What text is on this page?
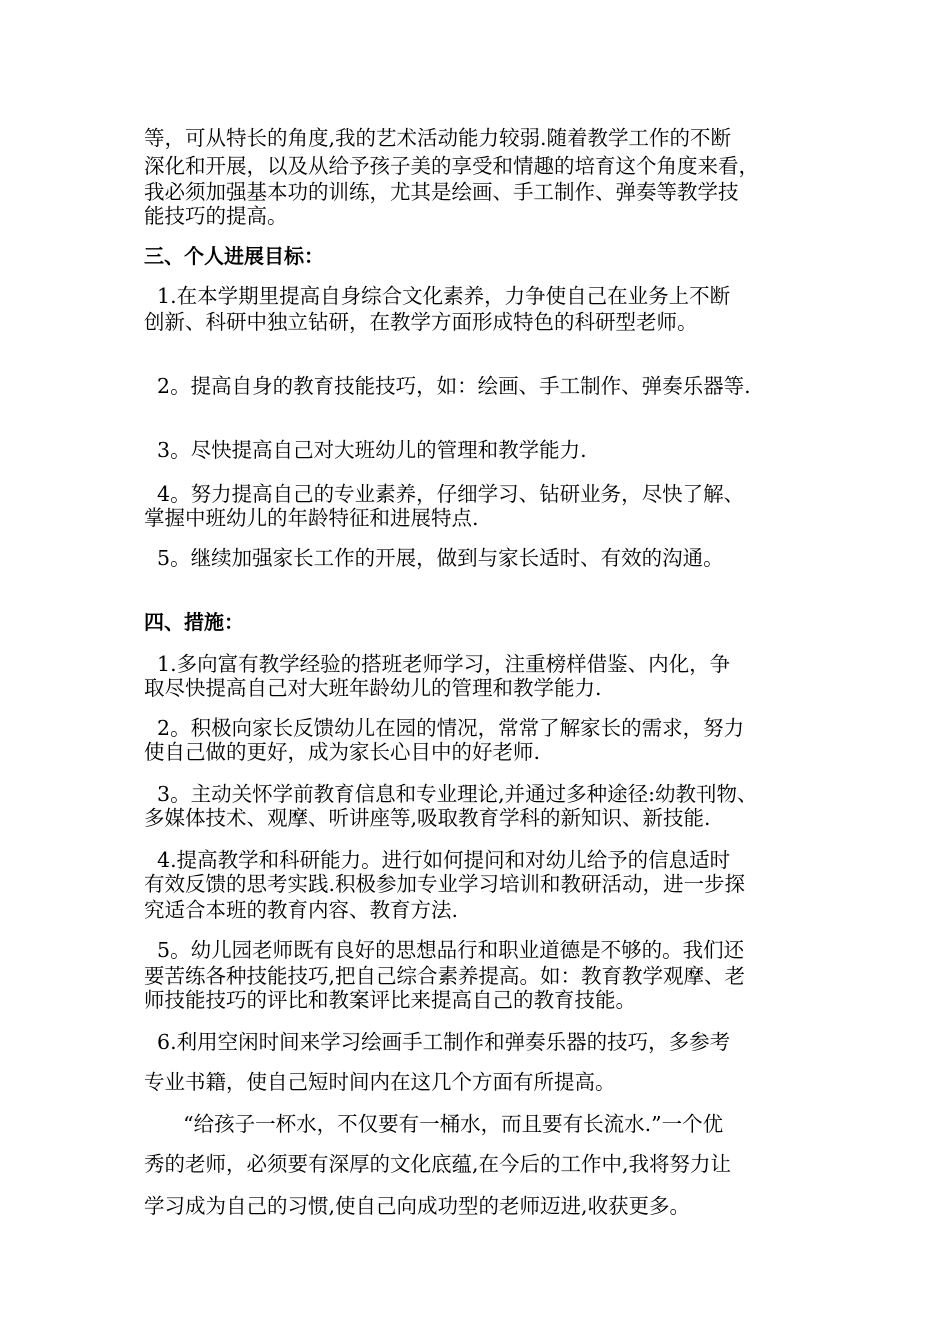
等，可从特长的角度,我的艺术活动能力较弱.随着教学工作的不断
深化和开展，以及从给予孩子美的享受和情趣的培育这个角度来看，
我必须加强基本功的训练，尤其是绘画、手工制作、弹奏等教学技
能技巧的提高。
三、个人进展目标：
1.在本学期里提高自身综合文化素养，力争使自己在业务上不断
创新、科研中独立钻研，在教学方面形成特色的科研型老师。
2。提高自身的教育技能技巧，如：绘画、手工制作、弹奏乐器等.
3。尽快提高自己对大班幼儿的管理和教学能力.
4。努力提高自己的专业素养，仔细学习、钻研业务，尽快了解、
掌握中班幼儿的年龄特征和进展特点.
5。继续加强家长工作的开展，做到与家长适时、有效的沟通。
四、措施：
1.多向富有教学经验的搭班老师学习，注重榜样借鉴、内化，争
取尽快提高自己对大班年龄幼儿的管理和教学能力.
2。积极向家长反馈幼儿在园的情况，常常了解家长的需求，努力
使自己做的更好，成为家长心目中的好老师.
3。主动关怀学前教育信息和专业理论,并通过多种途径:幼教刊物、
多媒体技术、观摩、听讲座等,吸取教育学科的新知识、新技能.
4.提高教学和科研能力。进行如何提问和对幼儿给予的信息适时
有效反馈的思考实践.积极参加专业学习培训和教研活动，进一步探
究适合本班的教育内容、教育方法.
5。幼儿园老师既有良好的思想品行和职业道德是不够的。我们还
要苦练各种技能技巧,把自己综合素养提高。如：教育教学观摩、老
师技能技巧的评比和教案评比来提高自己的教育技能。
6.利用空闲时间来学习绘画手工制作和弹奏乐器的技巧，多参考
专业书籍，使自己短时间内在这几个方面有所提高。
“给孩子一杯水，不仅要有一桶水，而且要有长流水.”一个优
秀的老师，必须要有深厚的文化底蕴,在今后的工作中,我将努力让
学习成为自己的习惯,使自己向成功型的老师迈进,收获更多。
